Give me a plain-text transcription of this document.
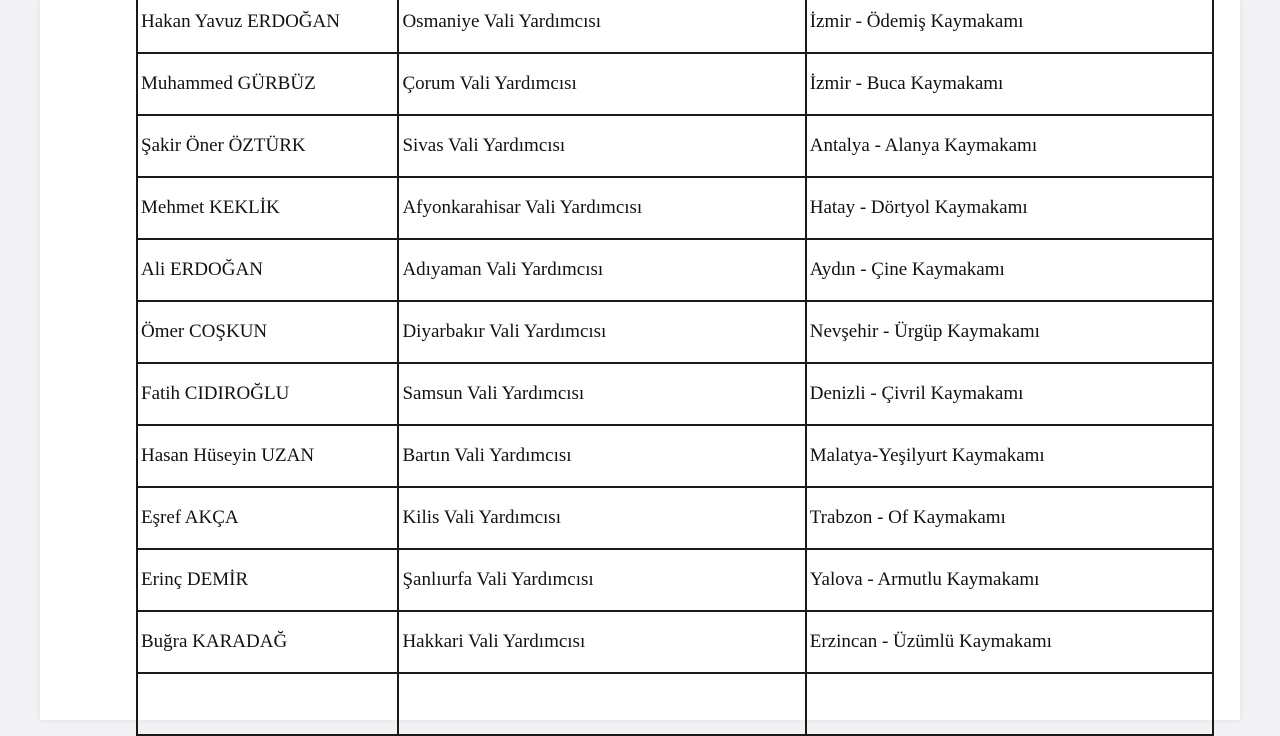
Hakan Yavuz ERDOĞAN	Osmaniye Vali Yardımcısı	İzmir - Ödemiş Kaymakamı
Muhammed GÜRBÜZ	Çorum Vali Yardımcısı	İzmir - Buca Kaymakamı
Şakir Öner ÖZTÜRK	Sivas Vali Yardımcısı	Antalya - Alanya Kaymakamı
Mehmet KEKLİK	Afyonkarahisar Vali Yardımcısı	Hatay - Dörtyol Kaymakamı
Ali ERDOĞAN	Adıyaman Vali Yardımcısı	Aydın - Çine Kaymakamı
Ömer COŞKUN	Diyarbakır Vali Yardımcısı	Nevşehir - Ürgüp Kaymakamı
Fatih CIDIROĞLU	Samsun Vali Yardımcısı	Denizli - Çivril Kaymakamı
Hasan Hüseyin UZAN	Bartın Vali Yardımcısı	Malatya-Yeşilyurt Kaymakamı
Eşref AKÇA	Kilis Vali Yardımcısı	Trabzon - Of Kaymakamı
Erinç DEMİR	Şanlıurfa Vali Yardımcısı	Yalova - Armutlu Kaymakamı
Buğra KARADAĞ	Hakkari Vali Yardımcısı	Erzincan - Üzümlü Kaymakamı
